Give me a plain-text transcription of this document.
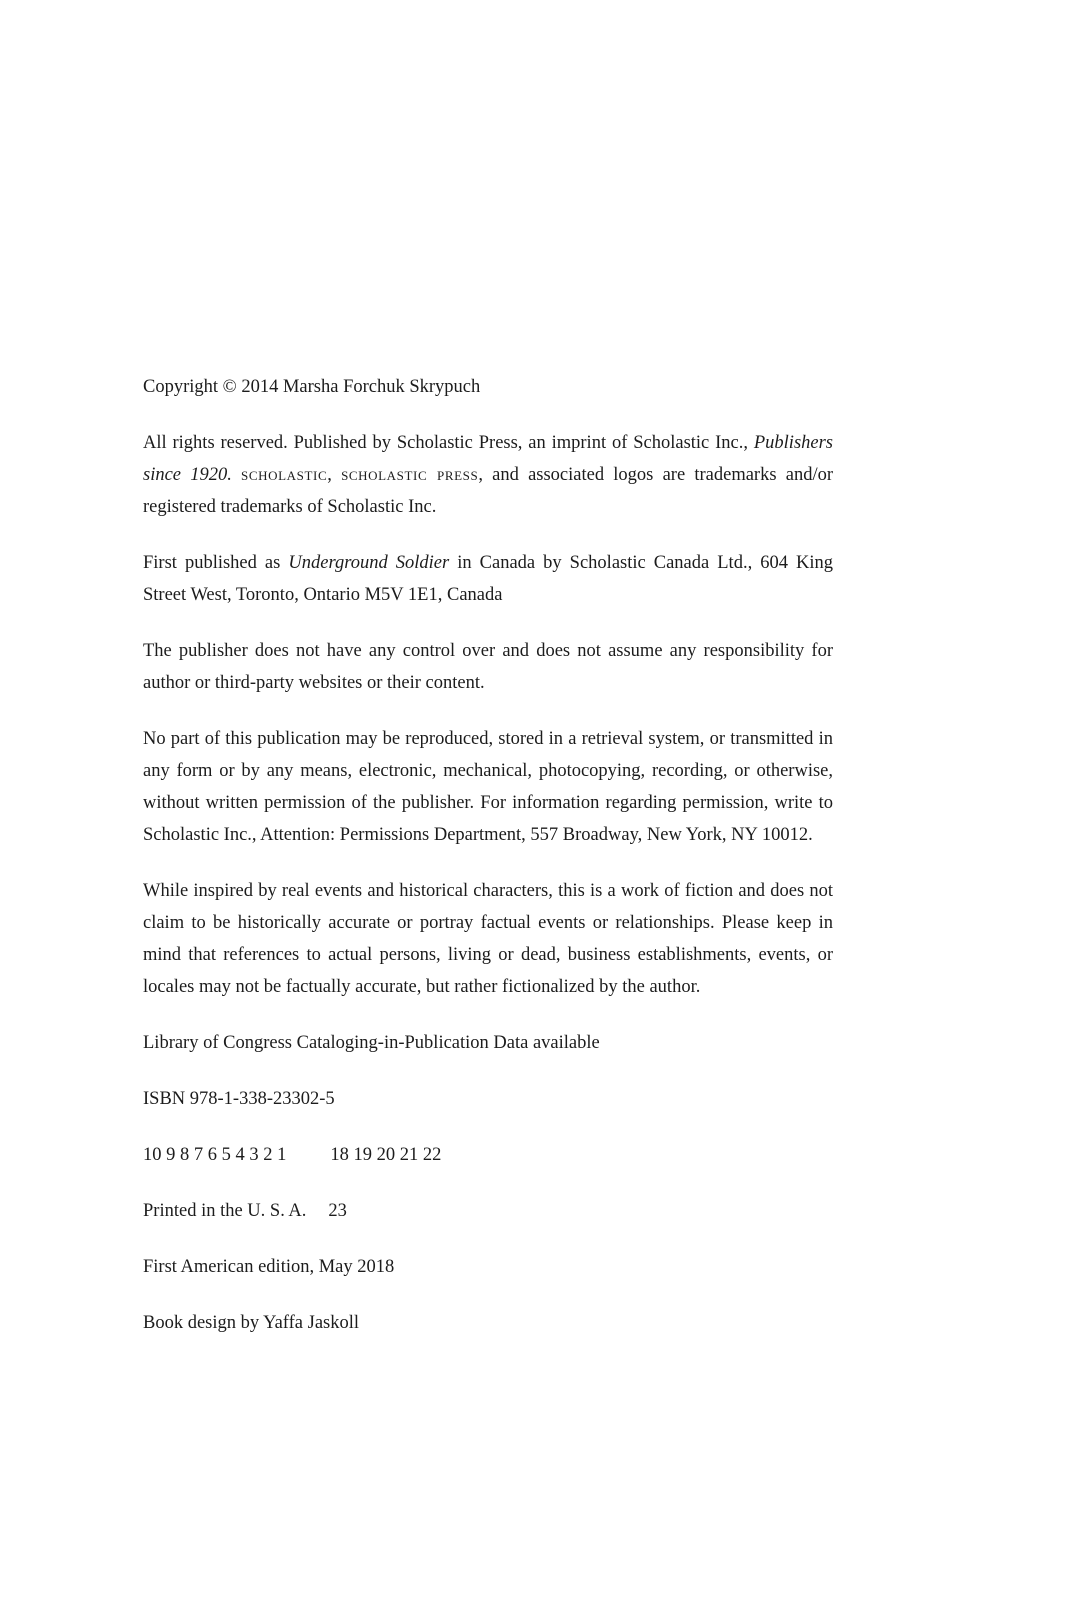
Copyright © 2014 Marsha Forchuk Skrypuch

All rights reserved. Published by Scholastic Press, an imprint of Scholastic Inc., Publishers since 1920. scholastic, scholastic press, and associated logos are trademarks and/or registered trademarks of Scholastic Inc.

First published as Underground Soldier in Canada by Scholastic Canada Ltd., 604 King Street West, Toronto, Ontario M5V 1E1, Canada

The publisher does not have any control over and does not assume any responsibility for author or third-party websites or their content.

No part of this publication may be reproduced, stored in a retrieval system, or transmitted in any form or by any means, electronic, mechanical, photocopying, recording, or otherwise, without written permission of the publisher. For information regarding permission, write to Scholastic Inc., Attention: Permissions Department, 557 Broadway, New York, NY 10012.

While inspired by real events and historical characters, this is a work of fiction and does not claim to be historically accurate or portray factual events or relationships. Please keep in mind that references to actual persons, living or dead, business establishments, events, or locales may not be factually accurate, but rather fictionalized by the author.

Library of Congress Cataloging-in-Publication Data available

ISBN 978-1-338-23302-5

10 9 8 7 6 5 4 3 2 1 18 19 20 21 22

Printed in the U. S. A. 23

First American edition, May 2018

Book design by Yaffa Jaskoll
